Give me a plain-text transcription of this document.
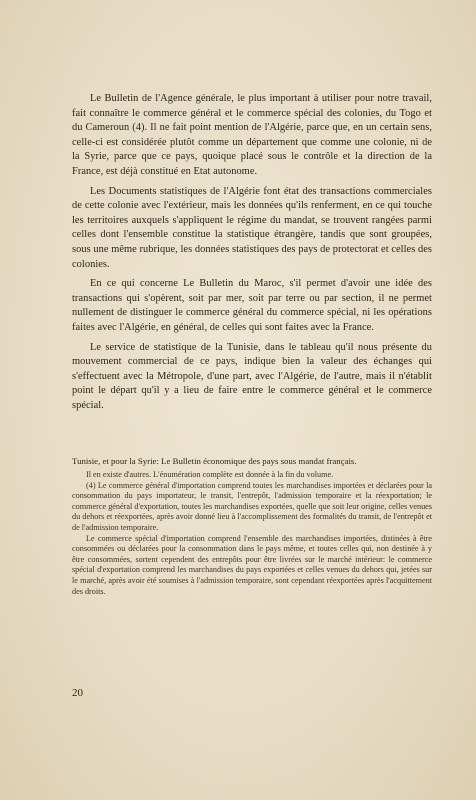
Le Bulletin de l'Agence générale, le plus important à utiliser pour notre travail, fait connaître le commerce général et le commerce spécial des colonies, du Togo et du Cameroun (4). Il ne fait point mention de l'Algérie, parce que, en un certain sens, celle-ci est considérée plutôt comme un département que comme une colonie, ni de la Syrie, parce que ce pays, quoique placé sous le contrôle et la direction de la France, est déjà constitué en Etat autonome.

Les Documents statistiques de l'Algérie font état des transactions commerciales de cette colonie avec l'extérieur, mais les données qu'ils renferment, en ce qui touche les territoires auxquels s'appliquent le régime du mandat, se trouvent rangées parmi celles dont l'ensemble constitue la statistique étrangère, tandis que sont groupées, sous une même rubrique, les données statistiques des pays de protectorat et celles des colonies.

En ce qui concerne Le Bulletin du Maroc, s'il permet d'avoir une idée des transactions qui s'opèrent, soit par mer, soit par terre ou par section, il ne permet nullement de distinguer le commerce général du commerce spécial, ni les opérations faites avec l'Algérie, en général, de celles qui sont faites avec la France.

Le service de statistique de la Tunisie, dans le tableau qu'il nous présente du mouvement commercial de ce pays, indique bien la valeur des échanges qui s'effectuent avec la Métropole, d'une part, avec l'Algérie, de l'autre, mais il n'établit point le départ qu'il y a lieu de faire entre le commerce général et le commerce spécial.

Tunisie, et pour la Syrie: Le Bulletin économique des pays sous mandat français.

Il en existe d'autres. L'énumération complète est donnée à la fin du volume.

(4) Le commerce général d'importation comprend toutes les marchandises importées et déclarées pour la consommation du pays importateur, le transit, l'entrepôt, l'admission temporaire et la réexportation; le commerce général d'exportation, toutes les marchandises exportées, quelle que soit leur origine, celles venues du dehors et réexportées, après avoir donné lieu à l'accomplissement des formalités du transit, de l'entrepôt et de l'admission temporaire.

Le commerce spécial d'importation comprend l'ensemble des marchandises importées, distinées à être consommées ou déclarées pour la consommation dans le pays même, et toutes celles qui, non destinée à y être consommées, sortent cependent des entrepôts pour être livrées sur le marché intérieur: le commerce spécial d'exportation comprend les marchandises du pays exportées et celles venues du dehors qui, jetées sur le marché, après avoir été soumises à l'admission temporaire, sont cependant réexportées après l'acquittement des droits.

20
